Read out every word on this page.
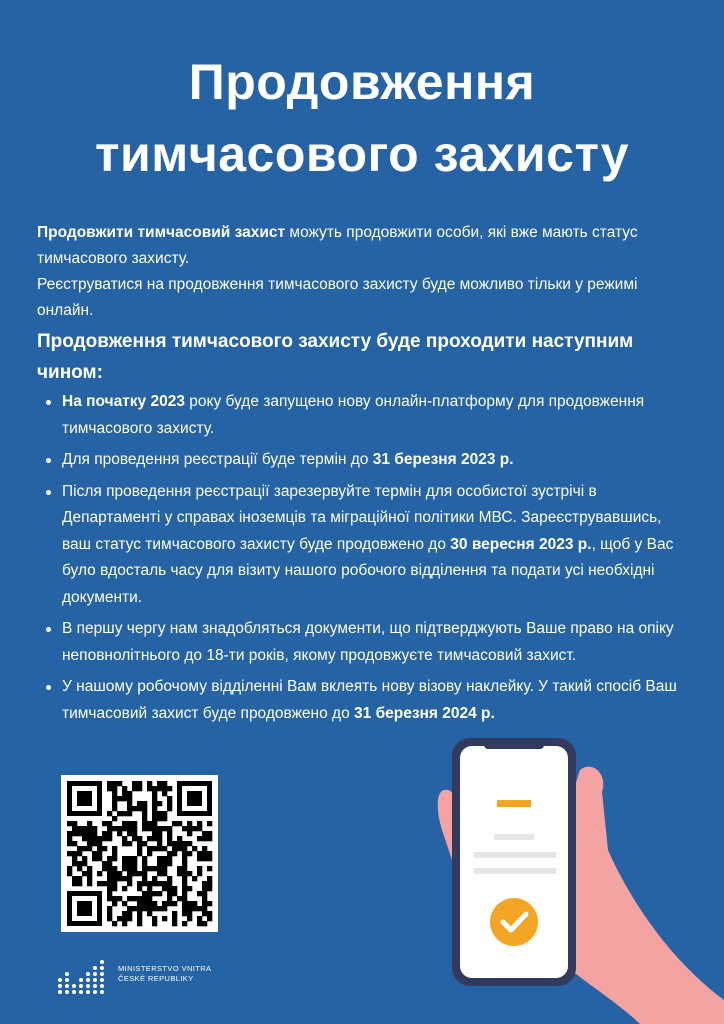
Продовження
тимчасового захисту

Продовжити тимчасовий захист можуть продовжити особи, які вже мають статус тимчасового захисту.

Реєструватися на продовження тимчасового захисту буде можливо тільки у режимі онлайн.

Продовження тимчасового захисту буде проходити наступним чином:
На початку 2023 року буде запущено нову онлайн-платформу для продовження тимчасового захисту.
Для проведення реєстрації буде термін до 31 березня 2023 р.
Після проведення реєстрації зарезервуйте термін для особистої зустрічі в Департаменті у справах іноземців та міграційної політики МВС. Зареєструвавшись, ваш статус тимчасового захисту буде продовжено до 30 вересня 2023 р., щоб у Вас було вдосталь часу для візиту нашого робочого відділення та подати усі необхідні документи.
В першу чергу нам знадобляться документи, що підтверджують Ваше право на опіку неповнолітнього до 18-ти років, якому продовжуєте тимчасовий захист.
У нашому робочому відділенні Вам вклеять нову візову наклейку. У такий спосіб Ваш тимчасовий захист буде продовжено до 31 березня 2024 р.
MINISTERSTVO VNITRA
ČESKÉ REPUBLIKY
